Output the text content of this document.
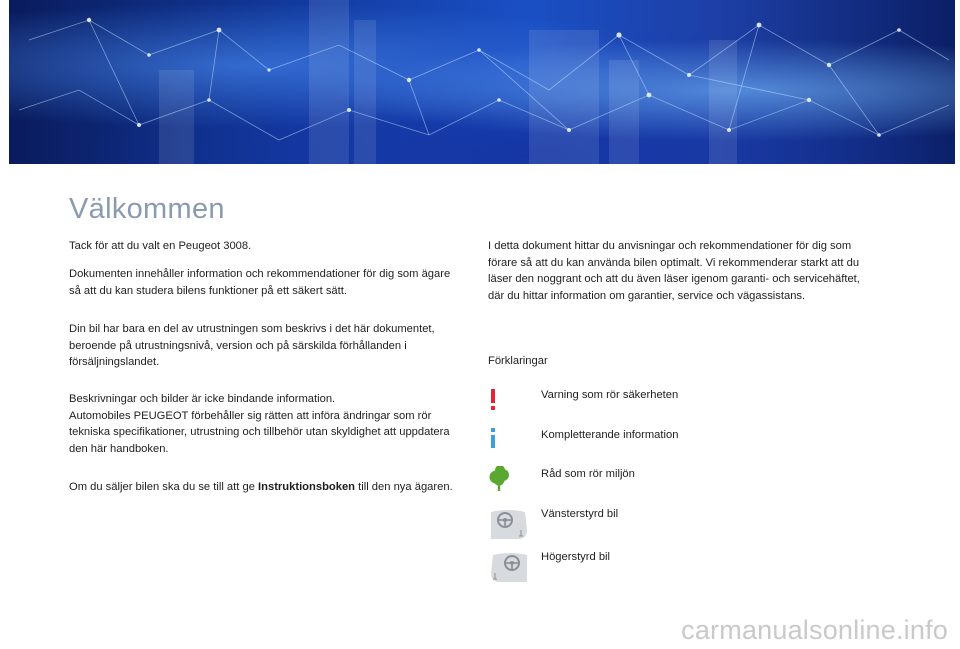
Välkommen

Tack för att du valt en Peugeot 3008.

Dokumenten innehåller information och rekommendationer för dig som ägare så att du kan studera bilens funktioner på ett säkert sätt.

Din bil har bara en del av utrustningen som beskrivs i det här dokumentet, beroende på utrustningsnivå, version och på särskilda förhållanden i försäljningslandet.

Beskrivningar och bilder är icke bindande information.

Automobiles PEUGEOT förbehåller sig rätten att införa ändringar som rör tekniska specifikationer, utrustning och tillbehör utan skyldighet att uppdatera den här handboken.

Om du säljer bilen ska du se till att ge Instruktionsboken till den nya ägaren.

I detta dokument hittar du anvisningar och rekommendationer för dig som förare så att du kan använda bilen optimalt. Vi rekommenderar starkt att du läser den noggrant och att du även läser igenom garanti- och servicehäftet, där du hittar information om garantier, service och vägassistans.

Förklaringar
Varning som rör säkerheten
Kompletterande information
Råd som rör miljön
Vänsterstyrd bil
Högerstyrd bil
carmanualsonline.info
